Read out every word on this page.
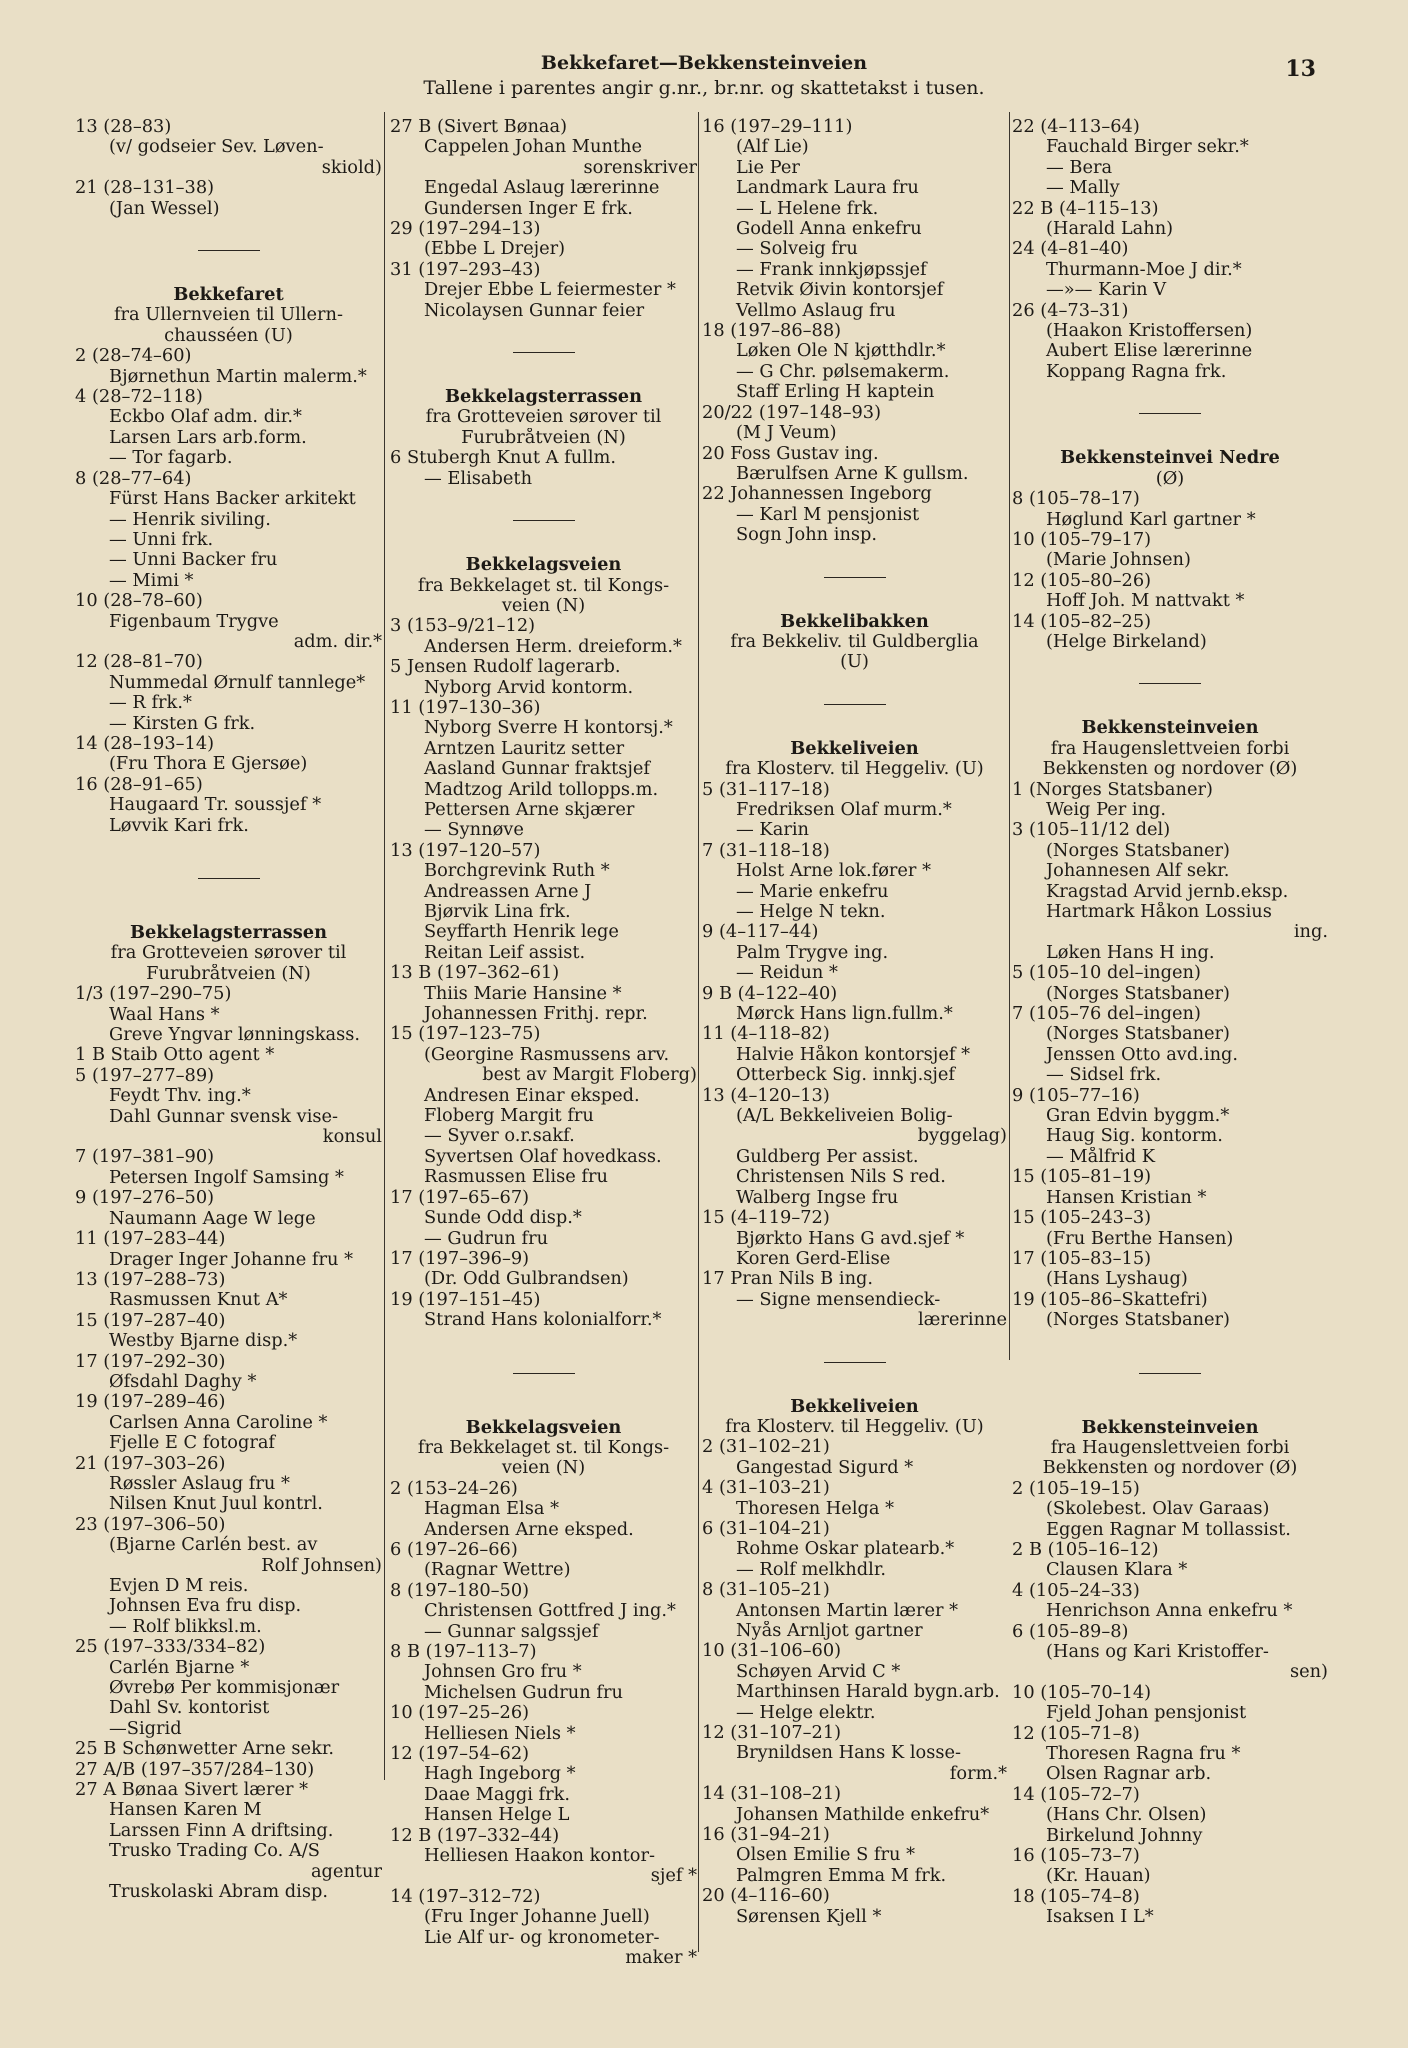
Bekkefaret—Bekkensteinveien
Tallene i parentes angir g.nr., br.nr. og skattetakst i tusen.
13
13 (28–83)
(v/ godseier Sev. Løven-
skiold)
21 (28–131–38)
(Jan Wessel)
Bekkefaret
fra Ullernveien til Ullern-
chausséen (U)
2 (28–74–60)
Bjørnethun Martin malerm.*
4 (28–72–118)
Eckbo Olaf adm. dir.*
Larsen Lars arb.form.
— Tor fagarb.
8 (28–77–64)
Fürst Hans Backer arkitekt
— Henrik siviling.
— Unni frk.
— Unni Backer fru
— Mimi *
10 (28–78–60)
Figenbaum Trygve
adm. dir.*
12 (28–81–70)
Nummedal Ørnulf tannlege*
— R frk.*
— Kirsten G frk.
14 (28–193–14)
(Fru Thora E Gjersøe)
16 (28–91–65)
Haugaard Tr. soussjef *
Løvvik Kari frk.
Bekkelagsterrassen
fra Grotteveien sørover til
Furubråtveien (N)
1/3 (197–290–75)
Waal Hans *
Greve Yngvar lønningskass.
1 B Staib Otto agent *
5 (197–277–89)
Feydt Thv. ing.*
Dahl Gunnar svensk vise-
konsul
7 (197–381–90)
Petersen Ingolf Samsing *
9 (197–276–50)
Naumann Aage W lege
11 (197–283–44)
Drager Inger Johanne fru *
13 (197–288–73)
Rasmussen Knut A*
15 (197–287–40)
Westby Bjarne disp.*
17 (197–292–30)
Øfsdahl Daghy *
19 (197–289–46)
Carlsen Anna Caroline *
Fjelle E C fotograf
21 (197–303–26)
Røssler Aslaug fru *
Nilsen Knut Juul kontrl.
23 (197–306–50)
(Bjarne Carlén best. av
Rolf Johnsen)
Evjen D M reis.
Johnsen Eva fru disp.
— Rolf blikksl.m.
25 (197–333/334–82)
Carlén Bjarne *
Øvrebø Per kommisjonær
Dahl Sv. kontorist
—Sigrid
25 B Schønwetter Arne sekr.
27 A/B (197–357/284–130)
27 A Bønaa Sivert lærer *
Hansen Karen M
Larssen Finn A driftsing.
Trusko Trading Co. A/S
agentur
Truskolaski Abram disp.
27 B (Sivert Bønaa)
Cappelen Johan Munthe
sorenskriver
Engedal Aslaug lærerinne
Gundersen Inger E frk.
29 (197–294–13)
(Ebbe L Drejer)
31 (197–293–43)
Drejer Ebbe L feiermester *
Nicolaysen Gunnar feier
Bekkelagsterrassen
fra Grotteveien sørover til
Furubråtveien (N)
6 Stubergh Knut A fullm.
— Elisabeth
Bekkelagsveien
fra Bekkelaget st. til Kongs-
veien (N)
3 (153–9/21–12)
Andersen Herm. dreieform.*
5 Jensen Rudolf lagerarb.
Nyborg Arvid kontorm.
11 (197–130–36)
Nyborg Sverre H kontorsj.*
Arntzen Lauritz setter
Aasland Gunnar fraktsjef
Madtzog Arild tollopps.m.
Pettersen Arne skjærer
— Synnøve
13 (197–120–57)
Borchgrevink Ruth *
Andreassen Arne J
Bjørvik Lina frk.
Seyffarth Henrik lege
Reitan Leif assist.
13 B (197–362–61)
Thiis Marie Hansine *
Johannessen Frithj. repr.
15 (197–123–75)
(Georgine Rasmussens arv.
best av Margit Floberg)
Andresen Einar eksped.
Floberg Margit fru
— Syver o.r.sakf.
Syvertsen Olaf hovedkass.
Rasmussen Elise fru
17 (197–65–67)
Sunde Odd disp.*
— Gudrun fru
17 (197–396–9)
(Dr. Odd Gulbrandsen)
19 (197–151–45)
Strand Hans kolonialforr.*
Bekkelagsveien
fra Bekkelaget st. til Kongs-
veien (N)
2 (153–24–26)
Hagman Elsa *
Andersen Arne eksped.
6 (197–26–66)
(Ragnar Wettre)
8 (197–180–50)
Christensen Gottfred J ing.*
— Gunnar salgssjef
8 B (197–113–7)
Johnsen Gro fru *
Michelsen Gudrun fru
10 (197–25–26)
Helliesen Niels *
12 (197–54–62)
Hagh Ingeborg *
Daae Maggi frk.
Hansen Helge L
12 B (197–332–44)
Helliesen Haakon kontor-
sjef *
14 (197–312–72)
(Fru Inger Johanne Juell)
Lie Alf ur- og kronometer-
maker *
16 (197–29–111)
(Alf Lie)
Lie Per
Landmark Laura fru
— L Helene frk.
Godell Anna enkefru
— Solveig fru
— Frank innkjøpssjef
Retvik Øivin kontorsjef
Vellmo Aslaug fru
18 (197–86–88)
Løken Ole N kjøtthdlr.*
— G Chr. pølsemakerm.
Staff Erling H kaptein
20/22 (197–148–93)
(M J Veum)
20 Foss Gustav ing.
Bærulfsen Arne K gullsm.
22 Johannessen Ingeborg
— Karl M pensjonist
Sogn John insp.
Bekkelibakken
fra Bekkeliv. til Guldberglia
(U)
Bekkeliveien
fra Klosterv. til Heggeliv. (U)
5 (31–117–18)
Fredriksen Olaf murm.*
— Karin
7 (31–118–18)
Holst Arne lok.fører *
— Marie enkefru
— Helge N tekn.
9 (4–117–44)
Palm Trygve ing.
— Reidun *
9 B (4–122–40)
Mørck Hans lign.fullm.*
11 (4–118–82)
Halvie Håkon kontorsjef *
Otterbeck Sig. innkj.sjef
13 (4–120–13)
(A/L Bekkeliveien Bolig-
byggelag)
Guldberg Per assist.
Christensen Nils S red.
Walberg Ingse fru
15 (4–119–72)
Bjørkto Hans G avd.sjef *
Koren Gerd-Elise
17 Pran Nils B ing.
— Signe mensendieck-
lærerinne
Bekkeliveien
fra Klosterv. til Heggeliv. (U)
2 (31–102–21)
Gangestad Sigurd *
4 (31–103–21)
Thoresen Helga *
6 (31–104–21)
Rohme Oskar platearb.*
— Rolf melkhdlr.
8 (31–105–21)
Antonsen Martin lærer *
Nyås Arnljot gartner
10 (31–106–60)
Schøyen Arvid C *
Marthinsen Harald bygn.arb.
— Helge elektr.
12 (31–107–21)
Brynildsen Hans K losse-
form.*
14 (31–108–21)
Johansen Mathilde enkefru*
16 (31–94–21)
Olsen Emilie S fru *
Palmgren Emma M frk.
20 (4–116–60)
Sørensen Kjell *
22 (4–113–64)
Fauchald Birger sekr.*
— Bera
— Mally
22 B (4–115–13)
(Harald Lahn)
24 (4–81–40)
Thurmann-Moe J dir.*
—»— Karin V
26 (4–73–31)
(Haakon Kristoffersen)
Aubert Elise lærerinne
Koppang Ragna frk.
Bekkensteinvei Nedre
(Ø)
8 (105–78–17)
Høglund Karl gartner *
10 (105–79–17)
(Marie Johnsen)
12 (105–80–26)
Hoff Joh. M nattvakt *
14 (105–82–25)
(Helge Birkeland)
Bekkensteinveien
fra Haugenslettveien forbi
Bekkensten og nordover (Ø)
1 (Norges Statsbaner)
Weig Per ing.
3 (105–11/12 del)
(Norges Statsbaner)
Johannesen Alf sekr.
Kragstad Arvid jernb.eksp.
Hartmark Håkon Lossius
ing.
Løken Hans H ing.
5 (105–10 del–ingen)
(Norges Statsbaner)
7 (105–76 del–ingen)
(Norges Statsbaner)
Jenssen Otto avd.ing.
— Sidsel frk.
9 (105–77–16)
Gran Edvin byggm.*
Haug Sig. kontorm.
— Målfrid K
15 (105–81–19)
Hansen Kristian *
15 (105–243–3)
(Fru Berthe Hansen)
17 (105–83–15)
(Hans Lyshaug)
19 (105–86–Skattefri)
(Norges Statsbaner)
Bekkensteinveien
fra Haugenslettveien forbi
Bekkensten og nordover (Ø)
2 (105–19–15)
(Skolebest. Olav Garaas)
Eggen Ragnar M tollassist.
2 B (105–16–12)
Clausen Klara *
4 (105–24–33)
Henrichson Anna enkefru *
6 (105–89–8)
(Hans og Kari Kristoffer-
sen)
10 (105–70–14)
Fjeld Johan pensjonist
12 (105–71–8)
Thoresen Ragna fru *
Olsen Ragnar arb.
14 (105–72–7)
(Hans Chr. Olsen)
Birkelund Johnny
16 (105–73–7)
(Kr. Hauan)
18 (105–74–8)
Isaksen I L*
